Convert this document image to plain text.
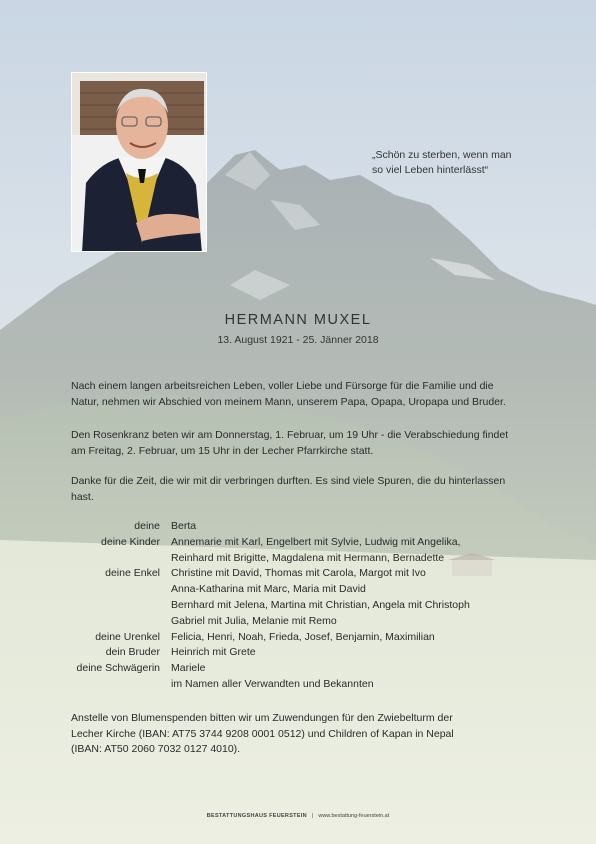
„Schön zu sterben, wenn man
so viel Leben hinterlässt“
HERMANN MUXEL
13. August 1921 - 25. Jänner 2018
Nach einem langen arbeitsreichen Leben, voller Liebe und Fürsorge für die Familie und die
Natur, nehmen wir Abschied von meinem Mann, unserem Papa, Opapa, Uropapa und Bruder.
Den Rosenkranz beten wir am Donnerstag, 1. Februar, um 19 Uhr - die Verabschiedung findet
am Freitag, 2. Februar, um 15 Uhr in der Lecher Pfarrkirche statt.
Danke für die Zeit, die wir mit dir verbringen durften. Es sind viele Spuren, die du hinterlassen
hast.
deine Berta
deine Kinder Annemarie mit Karl, Engelbert mit Sylvie, Ludwig mit Angelika,
Reinhard mit Brigitte, Magdalena mit Hermann, Bernadette
deine Enkel Christine mit David, Thomas mit Carola, Margot mit Ivo
Anna-Katharina mit Marc, Maria mit David
Bernhard mit Jelena, Martina mit Christian, Angela mit Christoph
Gabriel mit Julia, Melanie mit Remo
deine Urenkel Felicia, Henri, Noah, Frieda, Josef, Benjamin, Maximilian
dein Bruder Heinrich mit Grete
deine Schwägerin Mariele
im Namen aller Verwandten und Bekannten
Anstelle von Blumenspenden bitten wir um Zuwendungen für den Zwiebelturm der
Lecher Kirche (IBAN: AT75 3744 9208 0001 0512) und Children of Kapan in Nepal
(IBAN: AT50 2060 7032 0127 4010).
BESTATTUNGSHAUS FEUERSTEIN | www.bestattung-feuerstein.at
